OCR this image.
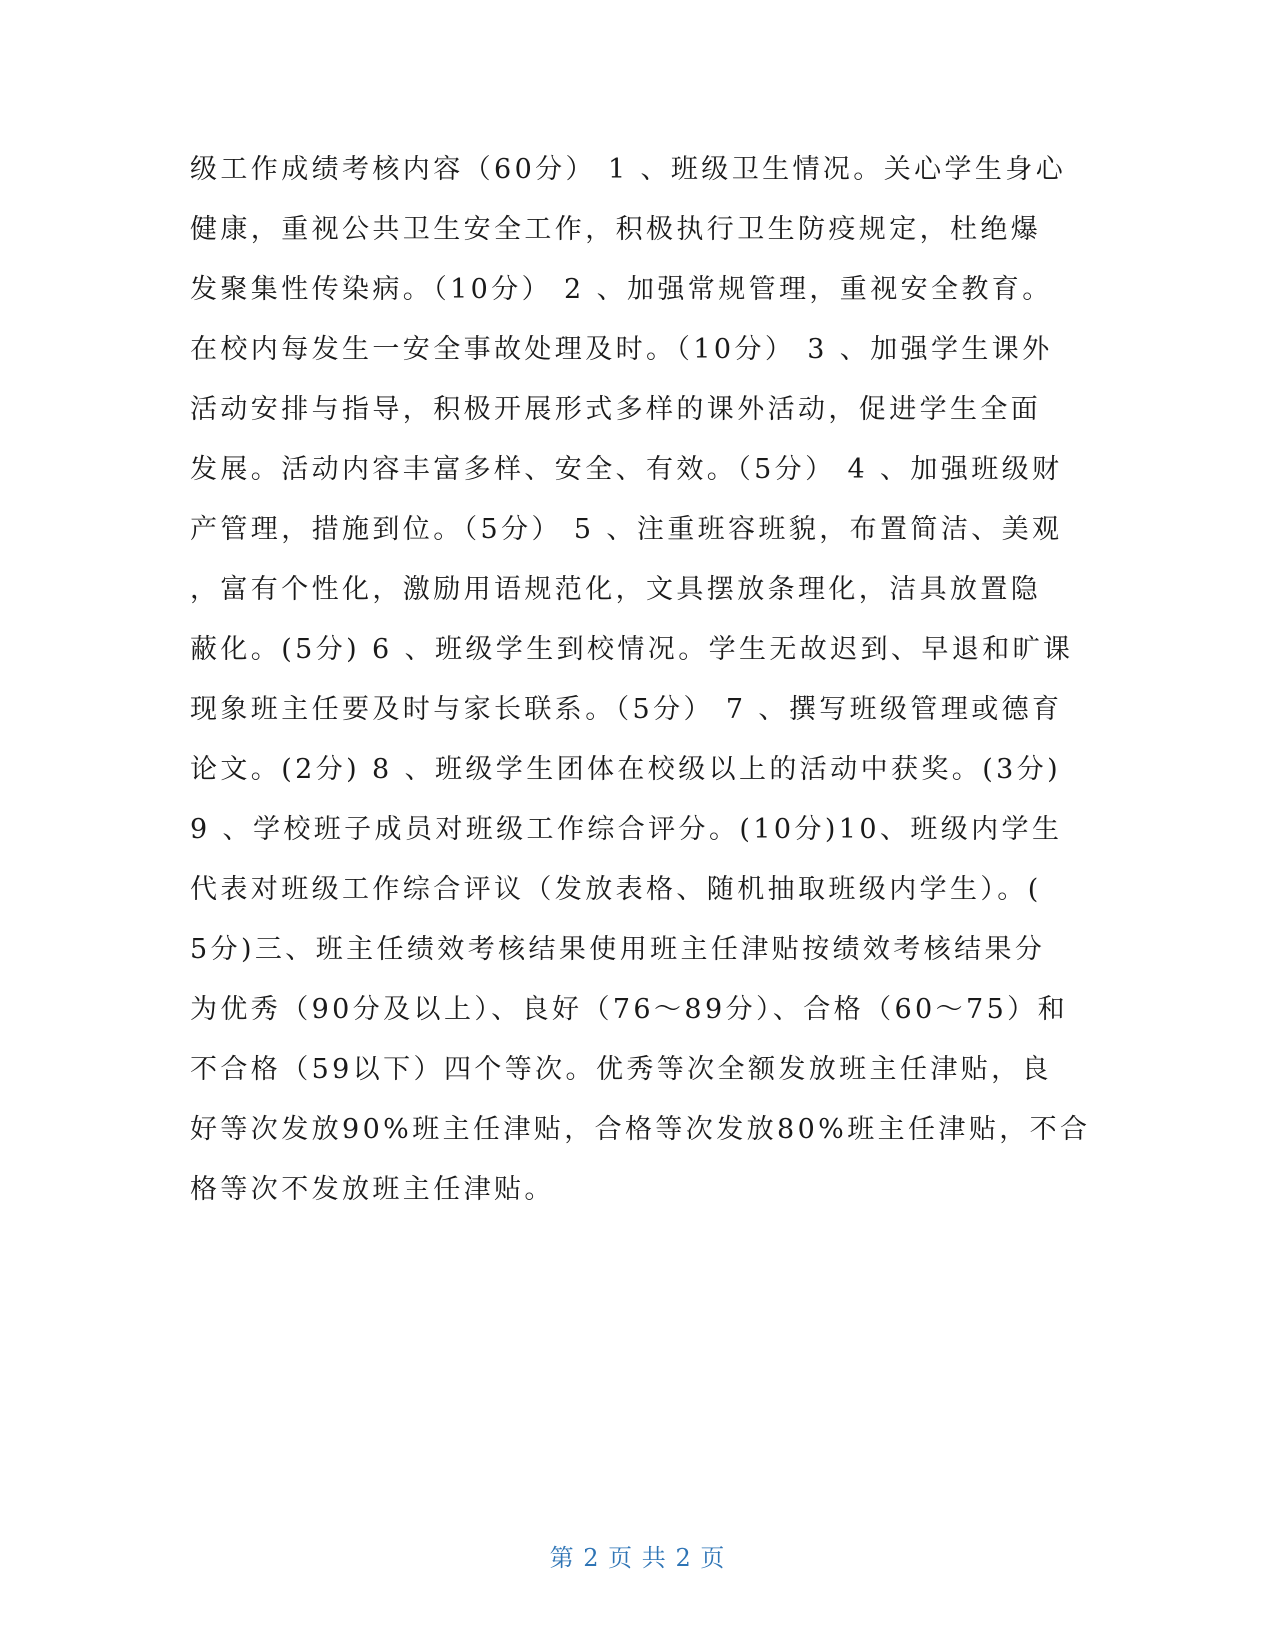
级工作成绩考核内容（60分） 1 、班级卫生情况。关心学生身心
健康，重视公共卫生安全工作，积极执行卫生防疫规定，杜绝爆
发聚集性传染病。（10分） 2 、加强常规管理，重视安全教育。
在校内每发生一安全事故处理及时。（10分） 3 、加强学生课外
活动安排与指导，积极开展形式多样的课外活动，促进学生全面
发展。活动内容丰富多样、安全、有效。（5分） 4 、加强班级财
产管理，措施到位。（5分） 5 、注重班容班貌，布置简洁、美观
，富有个性化，激励用语规范化，文具摆放条理化，洁具放置隐
蔽化。(5分) 6 、班级学生到校情况。学生无故迟到、早退和旷课
现象班主任要及时与家长联系。（5分） 7 、撰写班级管理或德育
论文。(2分) 8 、班级学生团体在校级以上的活动中获奖。(3分)
9 、学校班子成员对班级工作综合评分。(10分)10、班级内学生
代表对班级工作综合评议（发放表格、随机抽取班级内学生）。(
5分)三、班主任绩效考核结果使用班主任津贴按绩效考核结果分
为优秀（90分及以上）、良好（76～89分）、合格（60～75）和
不合格（59以下）四个等次。优秀等次全额发放班主任津贴，良
好等次发放90%班主任津贴，合格等次发放80%班主任津贴，不合
格等次不发放班主任津贴。
第 2 页 共 2 页
